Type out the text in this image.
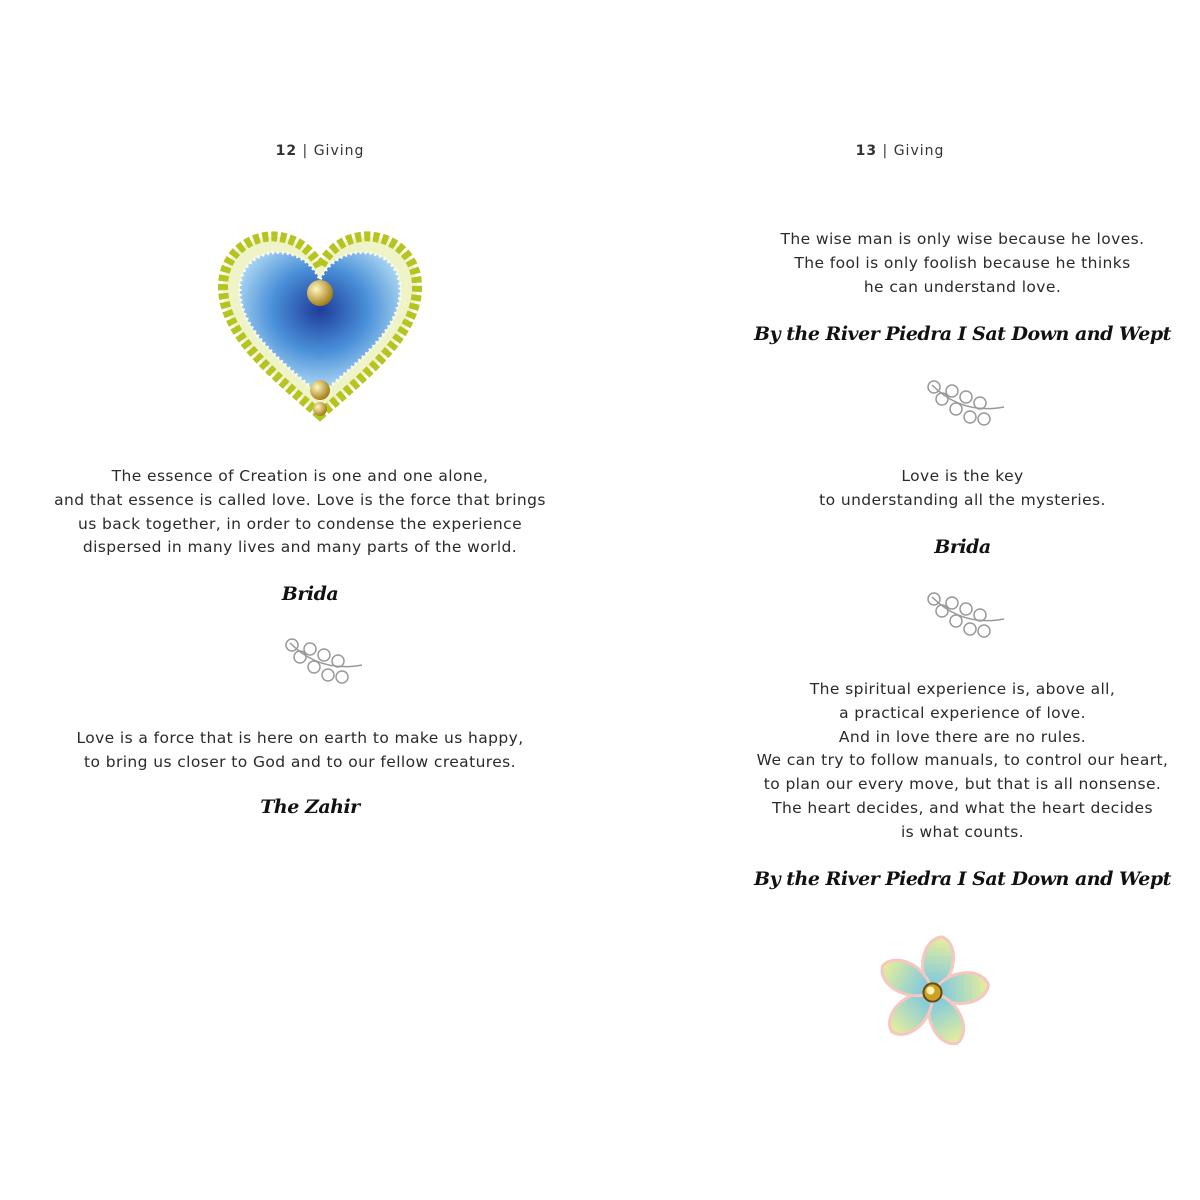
12 | Giving
The essence of Creation is one and one alone,
and that essence is called love. Love is the force that brings
us back together, in order to condense the experience
dispersed in many lives and many parts of the world.
Brida
Love is a force that is here on earth to make us happy,
to bring us closer to God and to our fellow creatures.
The Zahir
13 | Giving
The wise man is only wise because he loves.
The fool is only foolish because he thinks
he can understand love.
By the River Piedra I Sat Down and Wept
Love is the key
to understanding all the mysteries.
Brida
The spiritual experience is, above all,
a practical experience of love.
And in love there are no rules.
We can try to follow manuals, to control our heart,
to plan our every move, but that is all nonsense.
The heart decides, and what the heart decides
is what counts.
By the River Piedra I Sat Down and Wept
